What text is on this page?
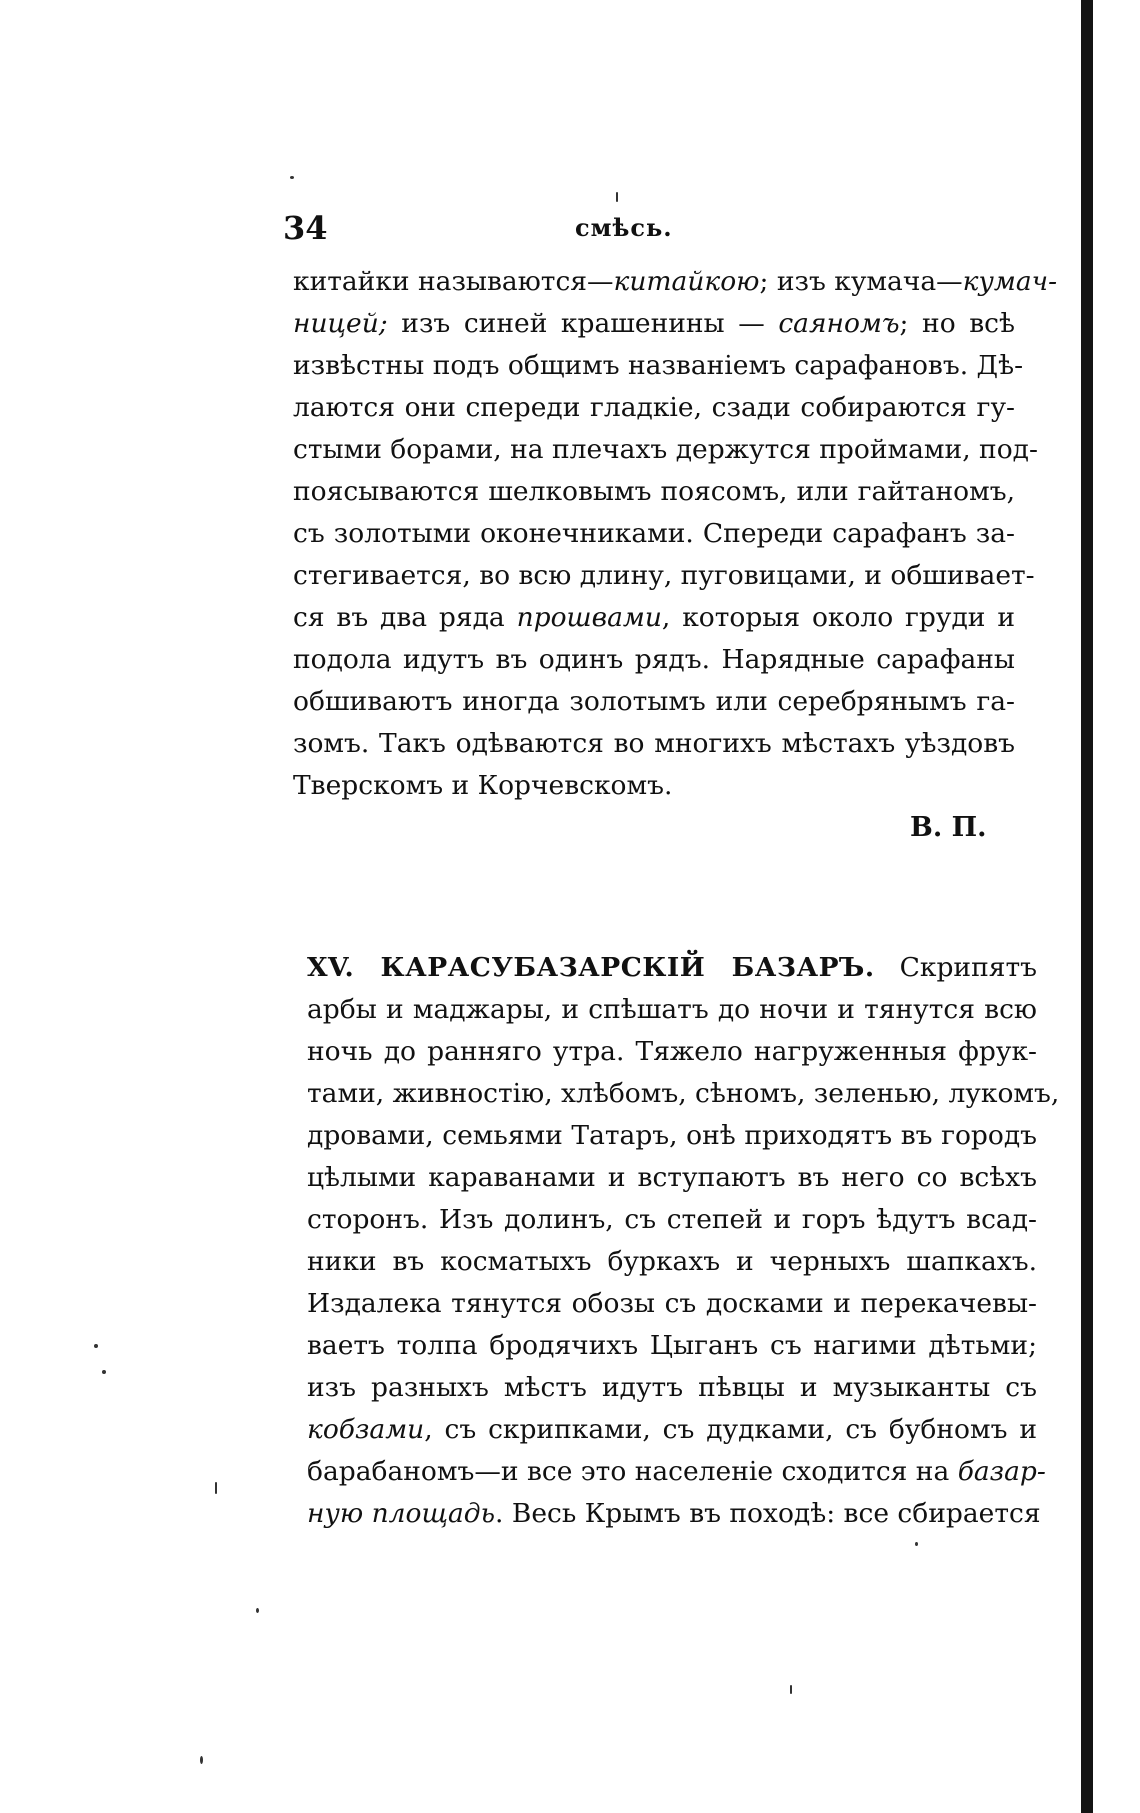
34	смѣсь.
китайки называются—китайкою; изъ кумача—кумач-
ницей; изъ синей крашенины — саяномъ; но всѣ
извѣстны подъ общимъ названіемъ сарафановъ. Дѣ-
лаются они спереди гладкіе, сзади собираются гу-
стыми борами, на плечахъ держутся проймами, под-
поясываются шелковымъ поясомъ, или гайтаномъ,
съ золотыми оконечниками. Спереди сарафанъ за-
стегивается, во всю длину, пуговицами, и обшивает-
ся въ два ряда прошвами, которыя около груди и
подола идутъ въ одинъ рядъ. Нарядные сарафаны
обшиваютъ иногда золотымъ или серебрянымъ га-
зомъ. Такъ одѣваются во многихъ мѣстахъ уѣздовъ
Тверскомъ и Корчевскомъ.
В. П.
XV. КАРАСУБАЗАРСКІЙ БАЗАРЪ. Скрипятъ
арбы и маджары, и спѣшатъ до ночи и тянутся всю
ночь до ранняго утра. Тяжело нагруженныя фрук-
тами, живностію, хлѣбомъ, сѣномъ, зеленью, лукомъ,
дровами, семьями Татаръ, онѣ приходятъ въ городъ
цѣлыми караванами и вступаютъ въ него со всѣхъ
сторонъ. Изъ долинъ, съ степей и горъ ѣдутъ всад-
ники въ косматыхъ буркахъ и черныхъ шапкахъ.
Издалека тянутся обозы съ досками и перекачевы-
ваетъ толпа бродячихъ Цыганъ съ нагими дѣтьми;
изъ разныхъ мѣстъ идутъ пѣвцы и музыканты съ
кобзами, съ скрипками, съ дудками, съ бубномъ и
барабаномъ—и все это населеніе сходится на базар-
ную площадь. Весь Крымъ въ походѣ: все сбирается
